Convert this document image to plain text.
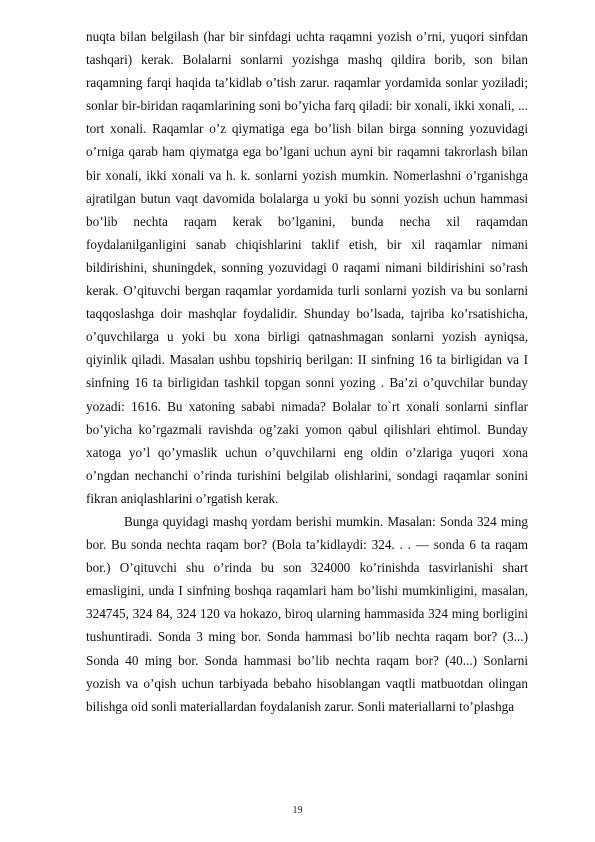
nuqta bilan belgilash (har bir sinfdagi uchta raqamni yozish o’rni, yuqori sinfdan tashqari) kerak. Bolalarni sonlarni yozishga mashq qildira borib, son bilan raqamning farqi haqida ta’kidlab o’tish zarur. raqamlar yordamida sonlar yoziladi; sonlar bir-biridan raqamlarining soni bo’yicha farq qiladi: bir xonali, ikki xonali, ... tort xonali. Raqamlar o’z qiymatiga ega bo’lish bilan birga sonning yozuvidagi o’rniga qarab ham qiymatga ega bo’lgani uchun ayni bir raqamni takrorlash bilan bir xonali, ikki xonali va h. k. sonlarni yozish mumkin. Nomerlashni o’rganishga ajratilgan butun vaqt davomida bolalarga u yoki bu sonni yozish uchun hammasi bo’lib nechta raqam kerak bo’lganini, bunda necha xil raqamdan foydalanilganligini sanab chiqishlarini taklif etish, bir xil raqamlar nimani bildirishini, shuningdek, sonning yozuvidagi 0 raqami nimani bildirishini so’rash kerak. O’qituvchi bergan raqamlar yordamida turli sonlarni yozish va bu sonlarni taqqoslashga doir mashqlar foydalidir. Shunday bo’lsada, tajriba ko’rsatishicha, o’quvchilarga u yoki bu xona birligi qatnashmagan sonlarni yozish ayniqsa, qiyinlik qiladi. Masalan ushbu topshiriq berilgan: II sinfning 16 ta birligidan va I sinfning 16 ta birligidan tashkil topgan sonni yozing . Ba’zi o’quvchilar bunday yozadi: 1616. Bu xatoning sababi nimada? Bolalar to`rt xonali sonlarni sinflar bo’yicha ko’rgazmali ravishda og’zaki yomon qabul qilishlari ehtimol. Bunday xatoga yo’l qo’ymaslik uchun o’quvchilarni eng oldin o’zlariga yuqori xona o’ngdan nechanchi o’rinda turishini belgilab olishlarini, sondagi raqamlar sonini fikran aniqlashlarini o’rgatish kerak.

Bunga quyidagi mashq yordam berishi mumkin. Masalan: Sonda 324 ming bor. Bu sonda nechta raqam bor? (Bola ta’kidlaydi: 324. . . — sonda 6 ta raqam bor.) O’qituvchi shu o’rinda bu son 324000 ko’rinishda tasvirlanishi shart emasligini, unda I sinfning boshqa raqamlari ham bo’lishi mumkinligini, masalan, 324745, 324 84, 324 120 va hokazo, biroq ularning hammasida 324 ming borligini tushuntiradi. Sonda 3 ming bor. Sonda hammasi bo’lib nechta raqam bor? (3...) Sonda 40 ming bor. Sonda hammasi bo’lib nechta raqam bor? (40...) Sonlarni yozish va o’qish uchun tarbiyada bebaho hisoblangan vaqtli matbuotdan olingan bilishga oid sonli materiallardan foydalanish zarur. Sonli materiallarni to’plashga

19
